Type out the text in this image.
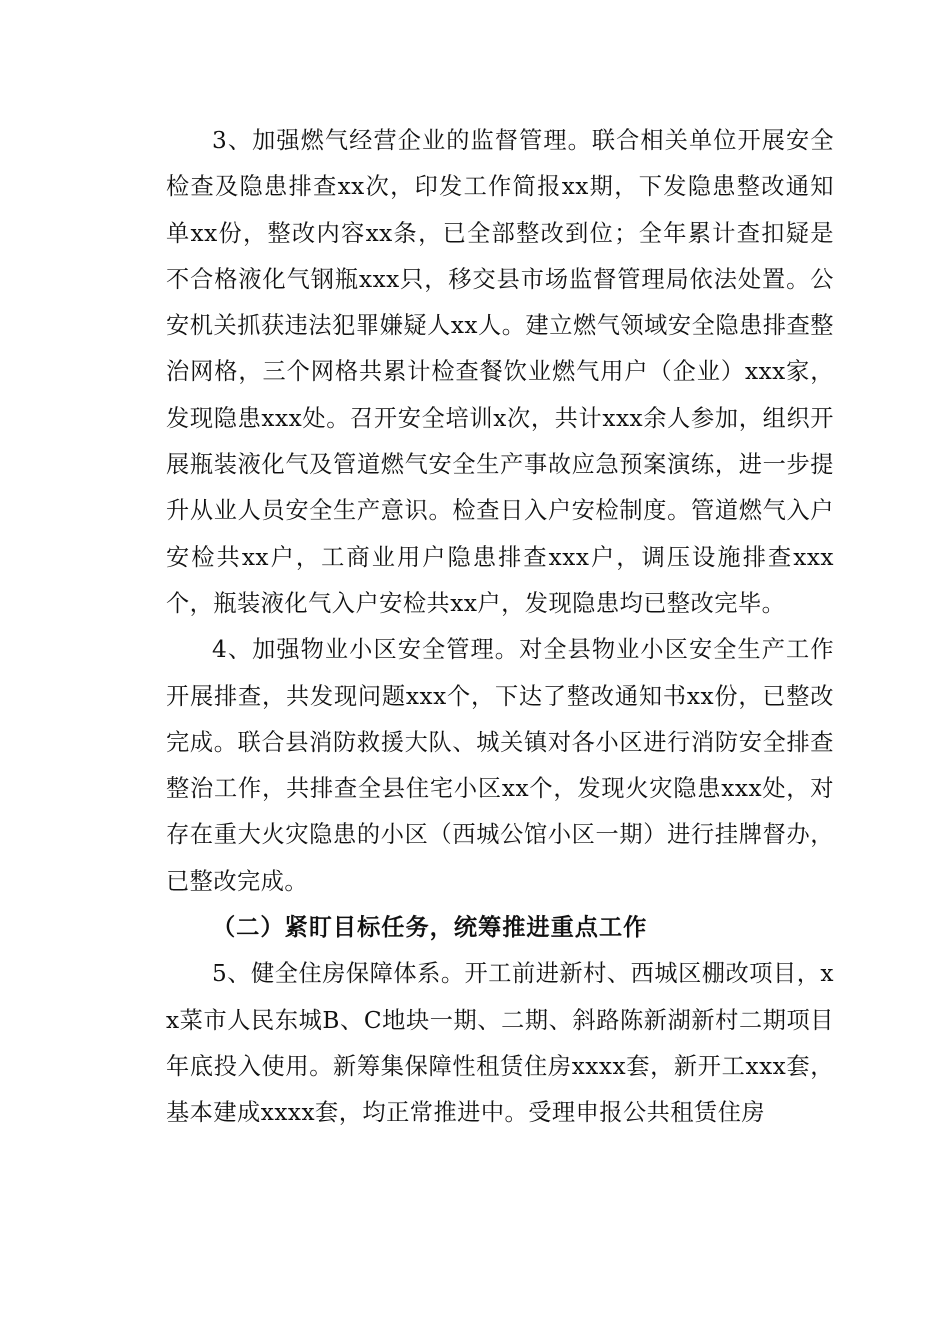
3、加强燃气经营企业的监督管理。联合相关单位开展安全检查及隐患排查xx次，印发工作简报xx期，下发隐患整改通知单xx份，整改内容xx条，已全部整改到位；全年累计查扣疑是不合格液化气钢瓶xxx只，移交县市场监督管理局依法处置。公安机关抓获违法犯罪嫌疑人xx人。建立燃气领域安全隐患排查整治网格，三个网格共累计检查餐饮业燃气用户（企业）xxx家，发现隐患xxx处。召开安全培训x次，共计xxx余人参加，组织开展瓶装液化气及管道燃气安全生产事故应急预案演练，进一步提升从业人员安全生产意识。检查日入户安检制度。管道燃气入户安检共xx户，工商业用户隐患排查xxx户，调压设施排查xxx个，瓶装液化气入户安检共xx户，发现隐患均已整改完毕。

4、加强物业小区安全管理。对全县物业小区安全生产工作开展排查，共发现问题xxx个，下达了整改通知书xx份，已整改完成。联合县消防救援大队、城关镇对各小区进行消防安全排查整治工作，共排查全县住宅小区xx个，发现火灾隐患xxx处，对存在重大火灾隐患的小区（西城公馆小区一期）进行挂牌督办，已整改完成。

（二）紧盯目标任务，统筹推进重点工作

5、健全住房保障体系。开工前进新村、西城区棚改项目，xx菜市人民东城B、C地块一期、二期、斜路陈新湖新村二期项目年底投入使用。新筹集保障性租赁住房xxxx套，新开工xxx套，基本建成xxxx套，均正常推进中。受理申报公共租赁住房
